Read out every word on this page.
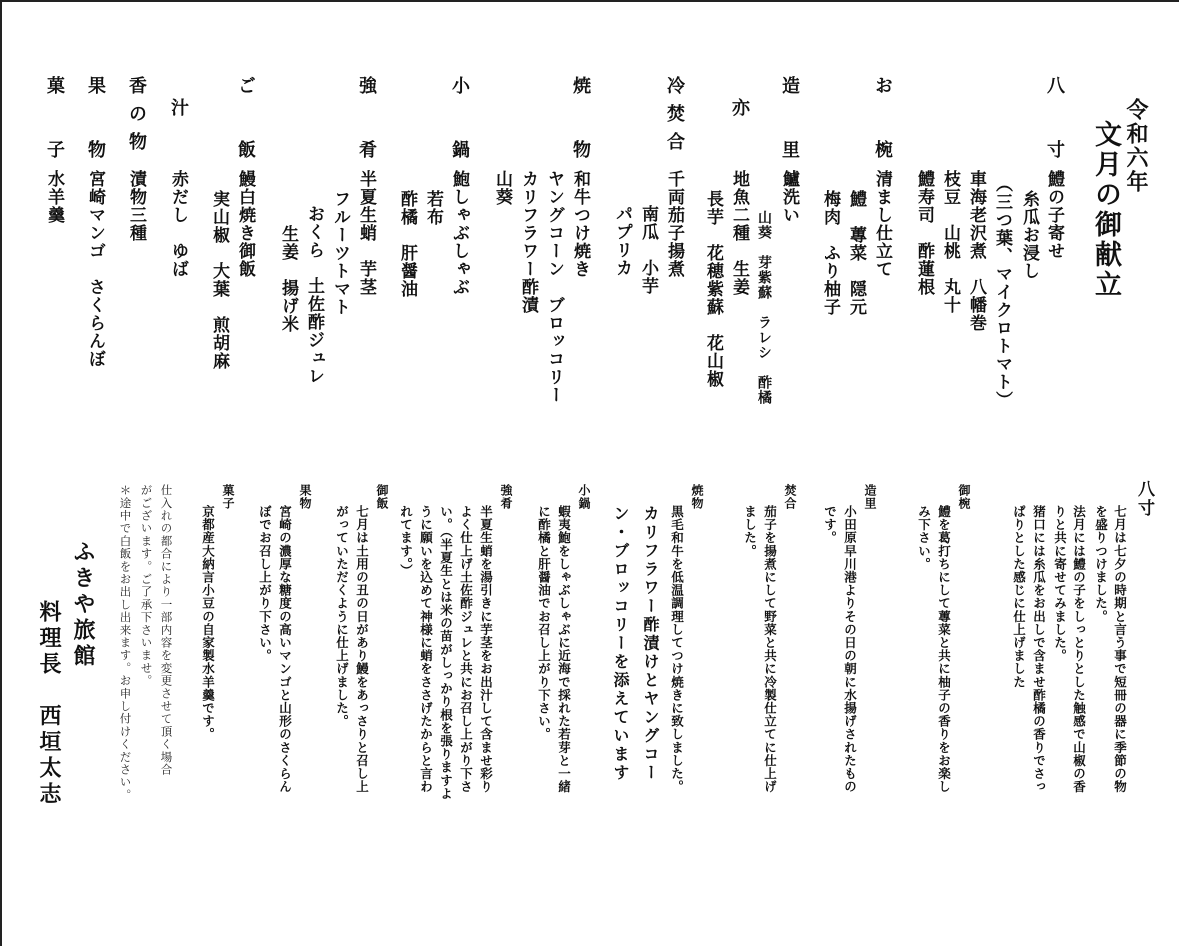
令和六年
文月の御献立
八　寸
鱧の子寄せ
糸瓜お浸し
（三つ葉、マイクロトマト）
車海老沢煮　八幡巻
枝豆　山桃　丸十
鱧寿司　酢蓮根
お　椀
清まし仕立て
鱧　蓴菜　隠元
梅肉　ふり柚子
造　里
鱸洗い
山葵　芽紫蘇　ラレシ　酢橘
亦
地魚二種　生姜
長芋　花穂紫蘇　花山椒
冷焚合
千両茄子揚煮
南瓜　小芋
パプリカ
焼　物
和牛つけ焼き
ヤングコーン　ブロッコリー
カリフラワー酢漬
山葵
小　鍋
鮑しゃぶしゃぶ
若布
酢橘　肝醤油
強　肴
半夏生蛸　芋茎
フルーツトマト
おくら　土佐酢ジュレ
生姜　揚げ米
ご　飯
鰻白焼き御飯
実山椒　大葉　煎胡麻
汁
赤だし　ゆば
香の物
漬物三種
果　物
宮崎マンゴ　さくらんぼ
菓　子
水羊羹
八寸
七月は七夕の時期と言う事で短冊の器に季節の物
を盛りつけました。
法月には鱧の子をしっとりとした触感で山椒の香
りと共に寄せてみました。
猪口には糸瓜をお出しで含ませ酢橘の香りでさっ
ぱりとした感じに仕上げました
御椀
鱧を葛打ちにして蓴菜と共に柚子の香りをお楽し
み下さい。
造里
小田原早川港よりその日の朝に水揚げされたもの
です。
焚合
茄子を揚煮にして野菜と共に冷製仕立てに仕上げ
ました。
焼物
黒毛和牛を低温調理してつけ焼きに致しました。
カリフラワー酢漬けとヤングコー
ン・ブロッコリーを添えています
小鍋
蝦夷鮑をしゃぶしゃぶに近海で採れた若芽と一緒
に酢橘と肝醤油でお召し上がり下さい。
強肴
半夏生蛸を湯引きに芋茎をお出汁して含ませ彩り
よく仕上げ土佐酢ジュレと共にお召し上がり下さ
い。（半夏生とは米の苗がしっかり根を張りますよ
うに願いを込めて神様に蛸をささげたからと言わ
れてます。）
御飯
七月は土用の丑の日があり鰻をあっさりと召し上
がっていただくように仕上げました。
果物
宮崎の濃厚な糖度の高いマンゴと山形のさくらん
ぼでお召し上がり下さい。
菓子
京都産大納言小豆の自家製水羊羹です。
仕入れの都合により一部内容を変更させて頂く場合
がございます。ご了承下さいませ。
＊途中で白飯をお出し出来ます。お申し付けください。
ふきや旅館
料理長　西垣太志
